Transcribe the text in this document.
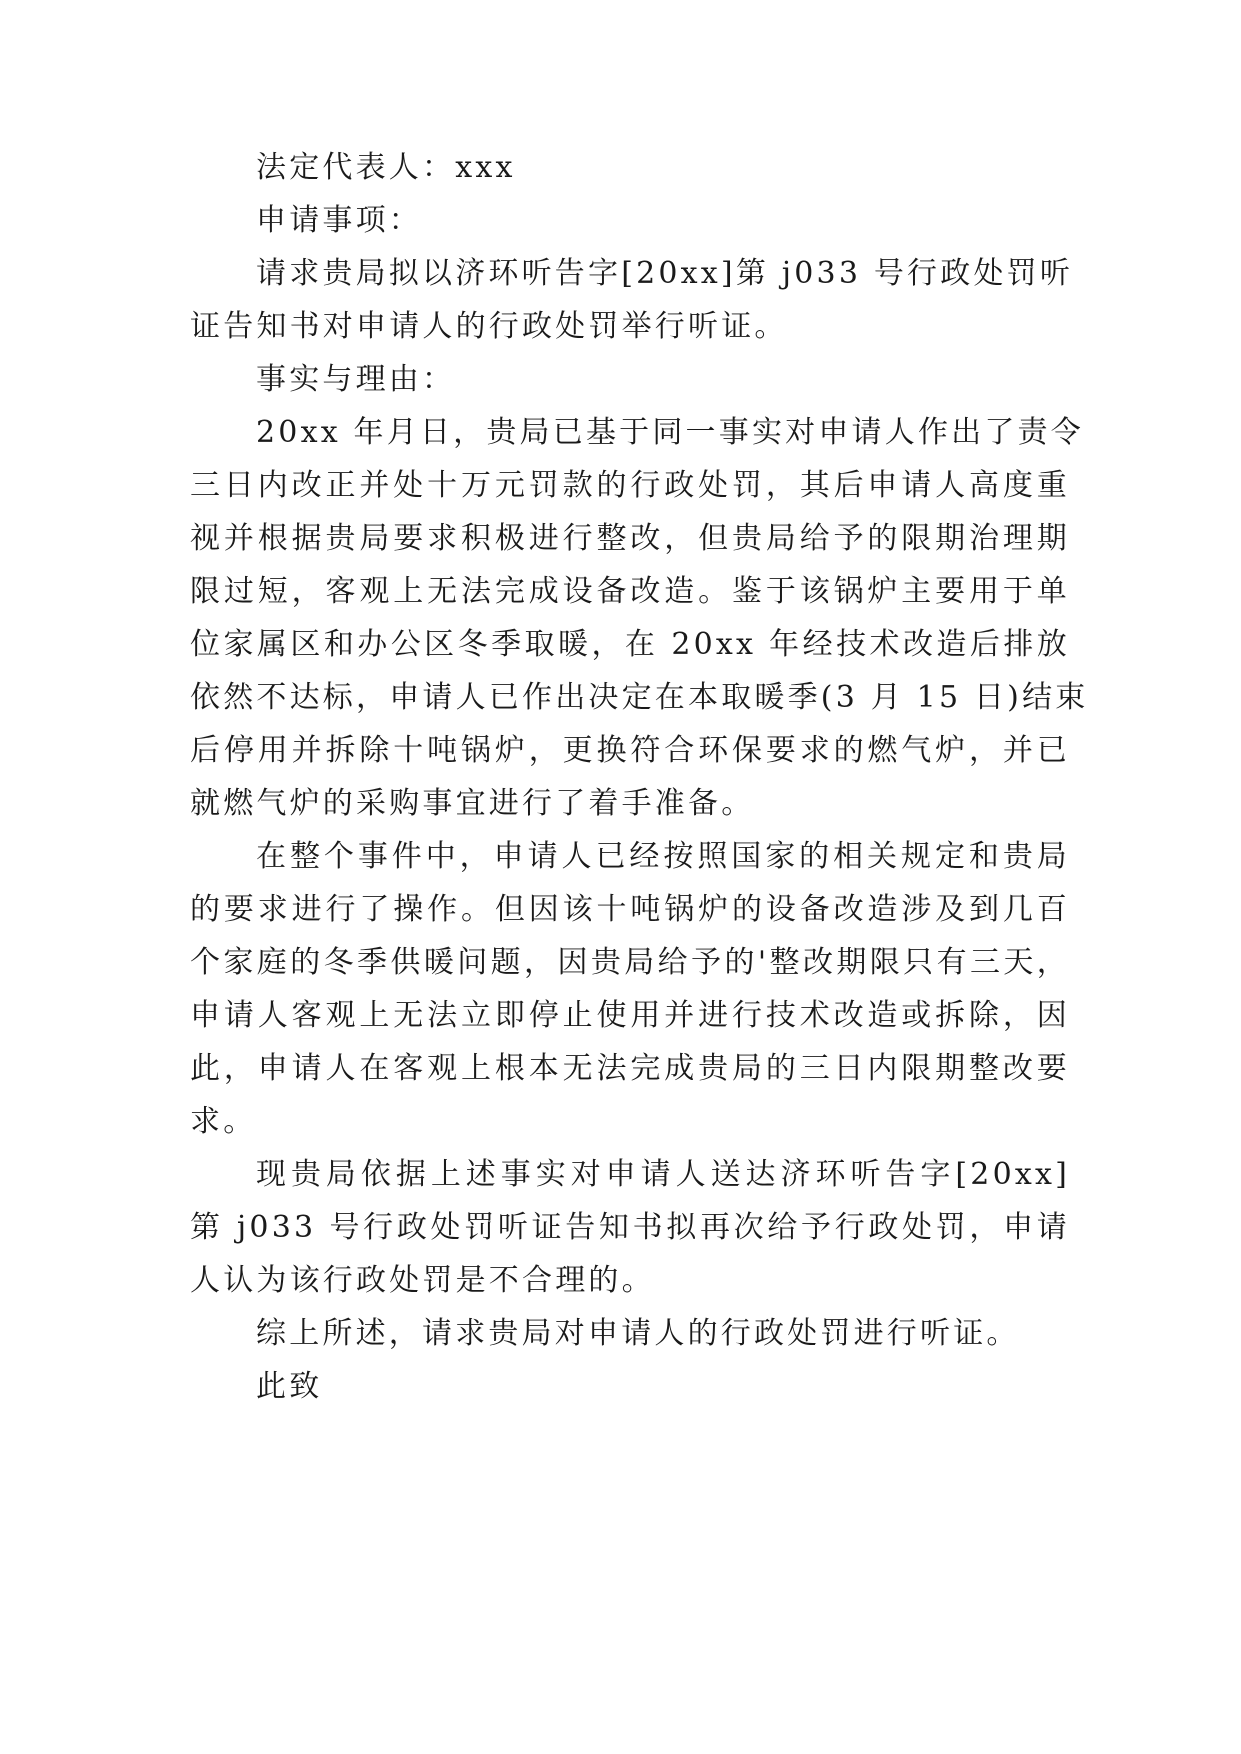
法定代表人：xxx
申请事项：
请求贵局拟以济环听告字[20xx]第 j033 号行政处罚听
证告知书对申请人的行政处罚举行听证。
事实与理由：
20xx 年月日，贵局已基于同一事实对申请人作出了责令
三日内改正并处十万元罚款的行政处罚，其后申请人高度重
视并根据贵局要求积极进行整改，但贵局给予的限期治理期
限过短，客观上无法完成设备改造。鉴于该锅炉主要用于单
位家属区和办公区冬季取暖，在 20xx 年经技术改造后排放
依然不达标，申请人已作出决定在本取暖季(3 月 15 日)结束
后停用并拆除十吨锅炉，更换符合环保要求的燃气炉，并已
就燃气炉的采购事宜进行了着手准备。
在整个事件中，申请人已经按照国家的相关规定和贵局
的要求进行了操作。但因该十吨锅炉的设备改造涉及到几百
个家庭的冬季供暖问题，因贵局给予的'整改期限只有三天，
申请人客观上无法立即停止使用并进行技术改造或拆除，因
此，申请人在客观上根本无法完成贵局的三日内限期整改要
求。
现贵局依据上述事实对申请人送达济环听告字[20xx]
第 j033 号行政处罚听证告知书拟再次给予行政处罚，申请
人认为该行政处罚是不合理的。
综上所述，请求贵局对申请人的行政处罚进行听证。
此致
